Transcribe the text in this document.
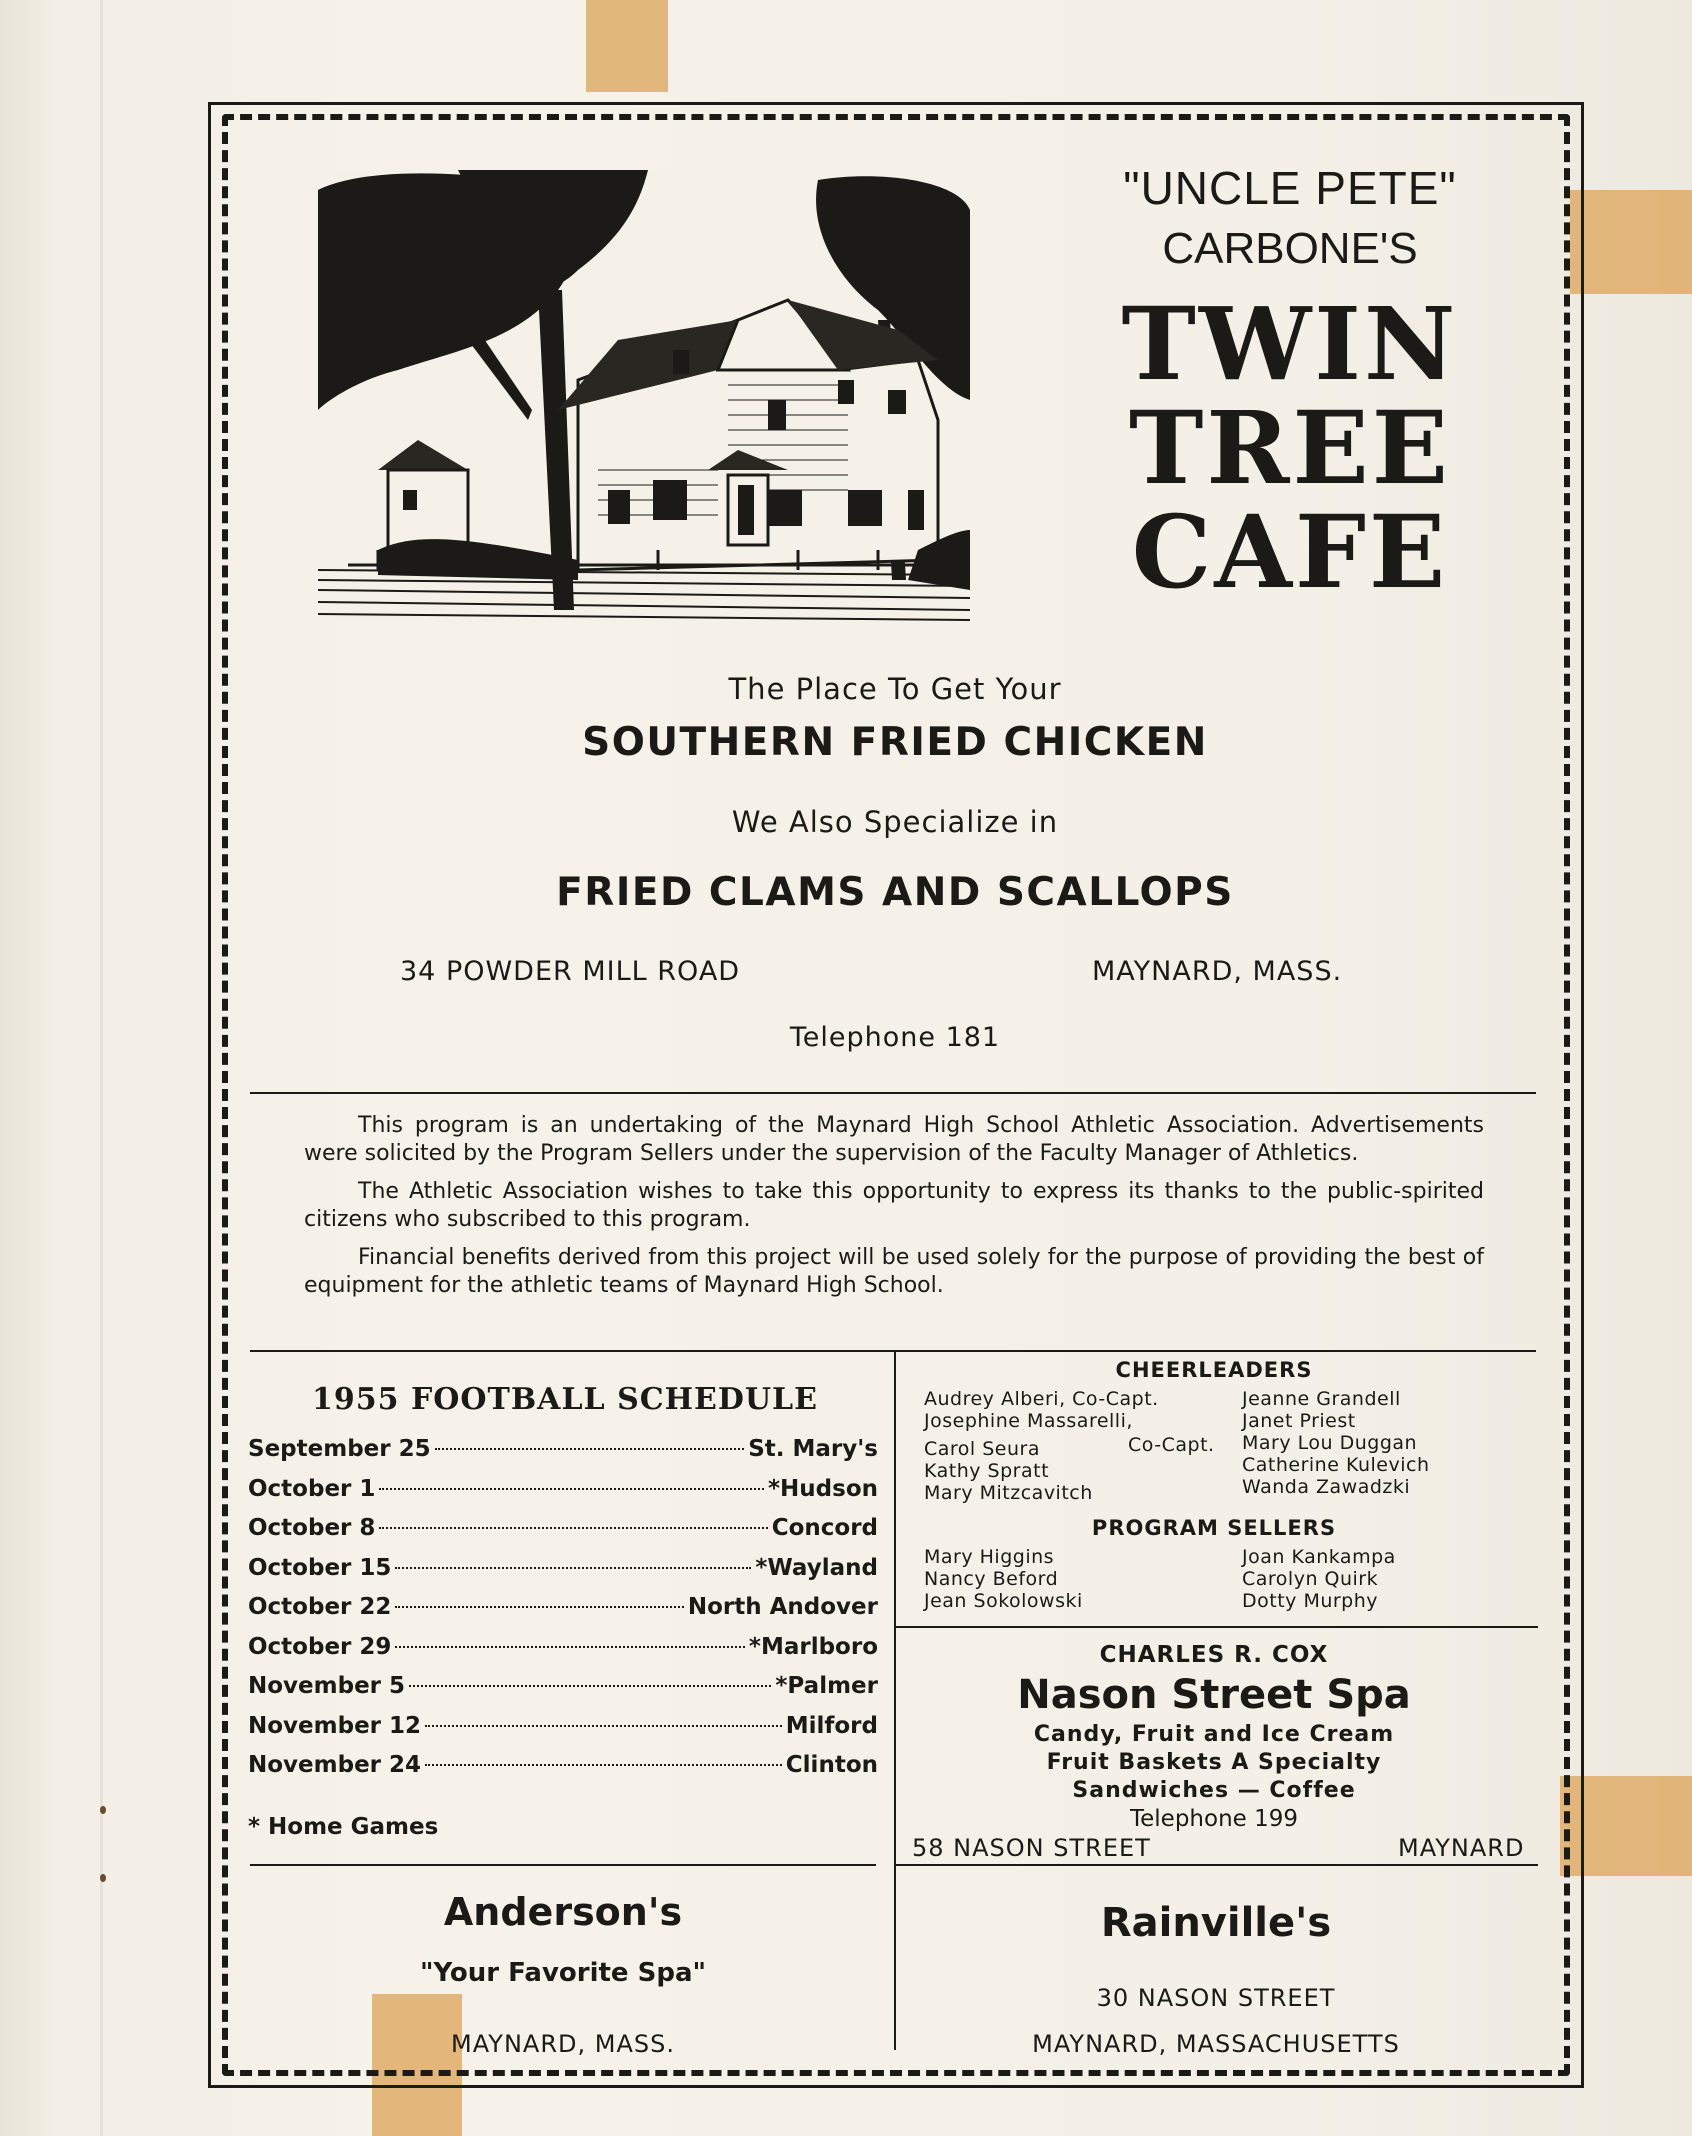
"UNCLE PETE"
CARBONE'S
TWIN
TREE
CAFE
The Place To Get Your
SOUTHERN FRIED CHICKEN
We Also Specialize in
FRIED CLAMS AND SCALLOPS
34 POWDER MILL ROAD	MAYNARD, MASS.
Telephone 181

This program is an undertaking of the Maynard High School Athletic Association. Advertisements were solicited by the Program Sellers under the supervision of the Faculty Manager of Athletics.

The Athletic Association wishes to take this opportunity to express its thanks to the public-spirited citizens who subscribed to this program.

Financial benefits derived from this project will be used solely for the purpose of providing the best of equipment for the athletic teams of Maynard High School.

1955 FOOTBALL SCHEDULE
September 25	St. Mary's
October 1	*Hudson
October 8	Concord
October 15	*Wayland
October 22	North Andover
October 29	*Marlboro
November 5	*Palmer
November 12	Milford
November 24	Clinton
* Home Games
CHEERLEADERS
Audrey Alberi, Co-Capt.
Josephine Massarelli,
Carol Seura
Kathy Spratt
Mary Mitzcavitch
Co-Capt.
Jeanne Grandell
Janet Priest
Mary Lou Duggan
Catherine Kulevich
Wanda Zawadzki
PROGRAM SELLERS
Mary Higgins
Nancy Beford
Jean Sokolowski
Joan Kankampa
Carolyn Quirk
Dotty Murphy
CHARLES R. COX
Nason Street Spa
Candy, Fruit and Ice Cream
Fruit Baskets A Specialty
Sandwiches — Coffee
Telephone 199
58 NASON STREET	MAYNARD
Anderson's
"Your Favorite Spa"
MAYNARD, MASS.
Rainville's
30 NASON STREET
MAYNARD, MASSACHUSETTS
